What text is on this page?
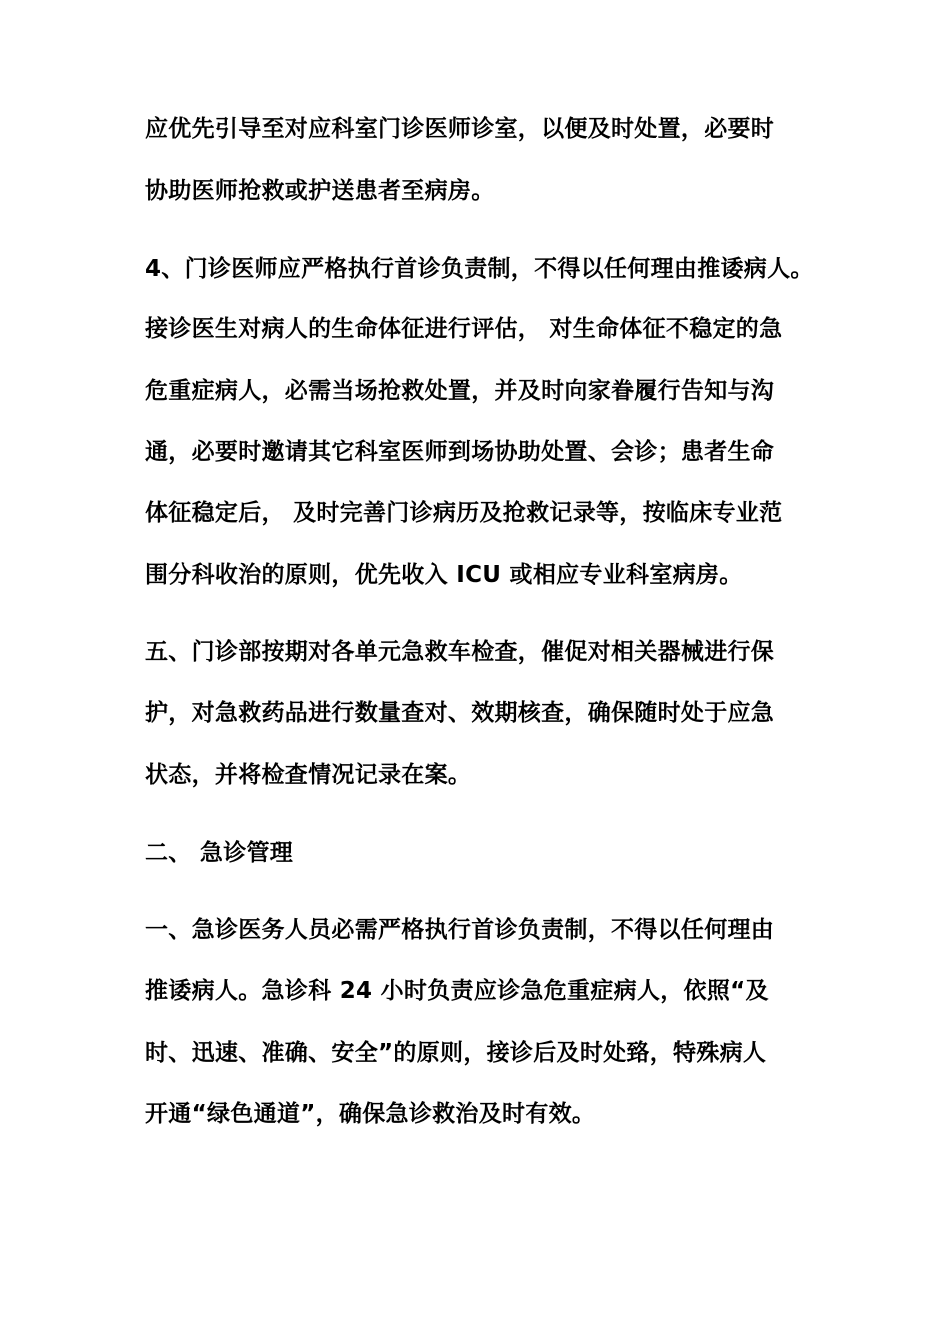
应优先引导至对应科室门诊医师诊室，以便及时处置，必要时
协助医师抢救或护送患者至病房。
4、门诊医师应严格执行首诊负责制，不得以任何理由推诿病人。
接诊医生对病人的生命体征进行评估， 对生命体征不稳定的急
危重症病人，必需当场抢救处置，并及时向家眷履行告知与沟
通，必要时邀请其它科室医师到场协助处置、会诊；患者生命
体征稳定后， 及时完善门诊病历及抢救记录等，按临床专业范
围分科收治的原则，优先收入 ICU 或相应专业科室病房。
五、门诊部按期对各单元急救车检查，催促对相关器械进行保
护，对急救药品进行数量查对、效期核查，确保随时处于应急
状态，并将检查情况记录在案。
二、 急诊管理
一、急诊医务人员必需严格执行首诊负责制，不得以任何理由
推诿病人。急诊科 24 小时负责应诊急危重症病人，依照“及
时、迅速、准确、安全”的原则，接诊后及时处臵，特殊病人
开通“绿色通道”，确保急诊救治及时有效。
